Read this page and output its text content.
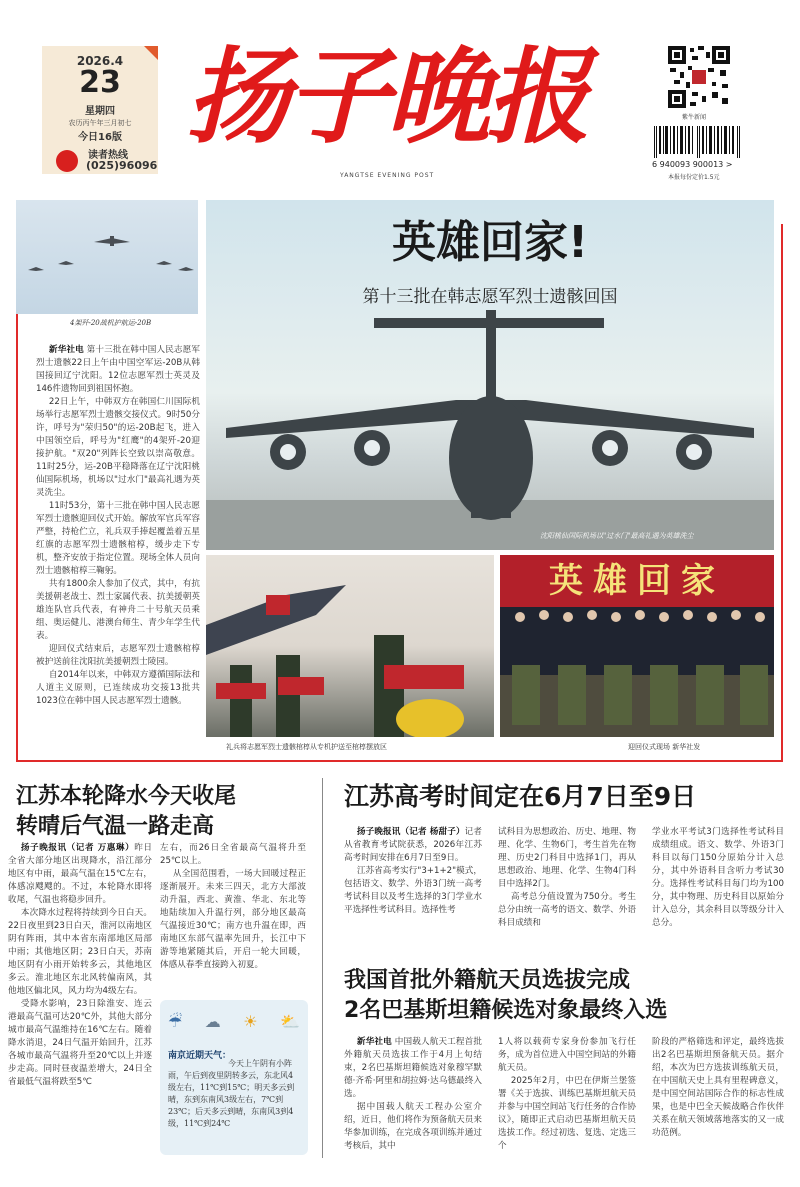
2026.4
23
星期四
农历丙午年三月初七
今日16版
读者热线
(025)96096
扬子晚报
YANGTSE EVENING POST
紫牛新闻
6 940093 900013 >
本报每份定价1.5元
4架歼-20战机护航运-20B

新华社电 第十三批在韩中国人民志愿军烈士遗骸22日上午由中国空军运-20B从韩国接回辽宁沈阳。12位志愿军烈士英灵及146件遗物回到祖国怀抱。

22日上午，中韩双方在韩国仁川国际机场举行志愿军烈士遗骸交接仪式。9时50分许，呼号为"荣归50"的运-20B起飞，进入中国领空后，呼号为"红鹰"的4架歼-20迎接护航。"双20"列阵长空致以崇高敬意。11时25分，运-20B平稳降落在辽宁沈阳桃仙国际机场，机场以"过水门"最高礼遇为英灵洗尘。

11时53分，第十三批在韩中国人民志愿军烈士遗骸迎回仪式开始。解放军官兵军容严整，持枪伫立，礼兵双手捧起覆盖着五星红旗的志愿军烈士遗骸棺椁，缓步走下专机，整齐安放于指定位置。现场全体人员向烈士遗骸棺椁三鞠躬。

共有1800余人参加了仪式，其中，有抗美援朝老战士、烈士家属代表、抗美援朝英雄连队官兵代表，有神舟二十号航天员乘组、奥运健儿、港澳台师生、青少年学生代表。

迎回仪式结束后，志愿军烈士遗骸棺椁被护送前往沈阳抗美援朝烈士陵园。

自2014年以来，中韩双方遵循国际法和人道主义原则，已连续成功交接13批共1023位在韩中国人民志愿军烈士遗骸。

英雄回家!
第十三批在韩志愿军烈士遗骸回国
沈阳桃仙国际机场以"过水门"最高礼遇为英雄洗尘
英雄回家
礼兵将志愿军烈士遗骸棺椁从专机护送至棺椁摆放区	迎回仪式现场 新华社发
江苏本轮降水今天收尾
转晴后气温一路走高

扬子晚报讯（记者 万惠琳）昨日全省大部分地区出现降水，沿江部分地区有中雨，最高气温在15℃左右，体感凉飕飕的。不过，本轮降水即将收尾，气温也将稳步回升。

本次降水过程将持续到今日白天。22日夜里到23日白天，淮河以南地区阴有阵雨，其中本省东南部地区局部中雨；其他地区阴；23日白天，苏南地区阴有小雨开始转多云，其他地区多云。淮北地区东北风转偏南风，其他地区偏北风，风力均为4级左右。

受降水影响，23日除淮安、连云港最高气温可达20℃外，其他大部分城市最高气温维持在16℃左右。随着降水消退，24日气温开始回升，江苏各城市最高气温将升至20℃以上并逐步走高。同时昼夜温差增大，24日全省最低气温将跌至5℃

左右，而26日全省最高气温将升至25℃以上。

从全国范围看，一场大回暖过程正逐渐展开。未来三四天，北方大部波动升温，西北、黄淮、华北、东北等地陆续加入升温行列，部分地区最高气温接近30℃；南方也升温在即，西南地区东部气温率先回升，长江中下游等地紧随其后，开启一轮大回暖，体感从春季直接跨入初夏。

☔ ☁ ☀ ⛅
南京近期天气：
今天上午阴有小阵雨，午后到夜里阴转多云，东北风4级左右，11℃到15℃；明天多云到晴，东到东南风3级左右，7℃到23℃；后天多云到晴，东南风3到4级，11℃到24℃
江苏高考时间定在6月7日至9日

扬子晚报讯（记者 杨甜子）记者从省教育考试院获悉，2026年江苏高考时间安排在6月7日至9日。

江苏省高考实行"3+1+2"模式，包括语文、数学、外语3门统一高考考试科目以及考生选择的3门学业水平选择性考试科目。选择性考

试科目为思想政治、历史、地理、物理、化学、生物6门，考生首先在物理、历史2门科目中选择1门，再从思想政治、地理、化学、生物4门科目中选择2门。

高考总分值设置为750分。考生总分由统一高考的语文、数学、外语科目成绩和

学业水平考试3门选择性考试科目成绩组成。语文、数学、外语3门科目以每门150分原始分计入总分，其中外语科目含听力考试30分。选择性考试科目每门均为100分，其中物理、历史科目以原始分计入总分，其余科目以等级分计入总分。

我国首批外籍航天员选拔完成
2名巴基斯坦籍候选对象最终入选

新华社电 中国载人航天工程首批外籍航天员选拔工作于4月上旬结束，2名巴基斯坦籍候选对象穆罕默德·齐希·阿里和胡拉姆·达乌德最终入选。

据中国载人航天工程办公室介绍，近日，他们将作为预备航天员来华参加训练，在完成各项训练并通过考核后，其中

1人将以载荷专家身份参加飞行任务，成为首位进入中国空间站的外籍航天员。

2025年2月，中巴在伊斯兰堡签署《关于选拔、训练巴基斯坦航天员并参与中国空间站飞行任务的合作协议》，随即正式启动巴基斯坦航天员选拔工作。经过初选、复选、定选三个

阶段的严格筛选和评定，最终选拔出2名巴基斯坦预备航天员。据介绍，本次为巴方选拔训练航天员，在中国航天史上具有里程碑意义，是中国空间站国际合作的标志性成果，也是中巴全天候战略合作伙伴关系在航天领域落地落实的又一成功范例。
